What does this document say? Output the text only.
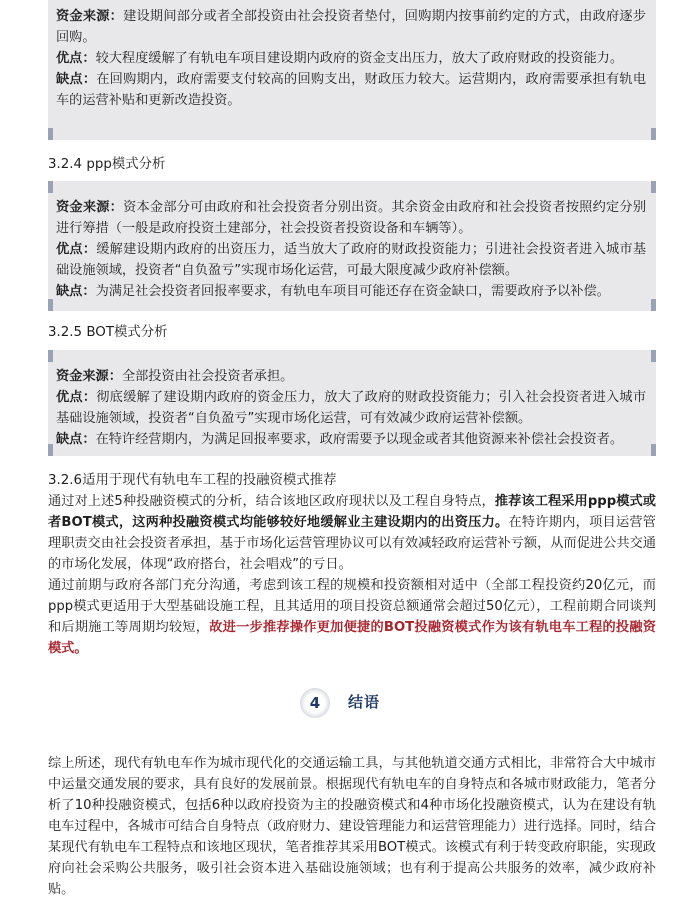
资金来源：建设期间部分或者全部投资由社会投资者垫付，回购期内按事前约定的方式，由政府逐步回购。

优点：较大程度缓解了有轨电车项目建设期内政府的资金支出压力，放大了政府财政的投资能力。

缺点：在回购期内，政府需要支付较高的回购支出，财政压力较大。运营期内，政府需要承担有轨电车的运营补贴和更新改造投资。

3.2.4 ppp模式分析

资金来源：资本金部分可由政府和社会投资者分别出资。其余资金由政府和社会投资者按照约定分别进行筹措（一般是政府投资土建部分，社会投资者投资设备和车辆等）。

优点：缓解建设期内政府的出资压力，适当放大了政府的财政投资能力；引进社会投资者进入城市基础设施领域，投资者“自负盈亏”实现市场化运营，可最大限度减少政府补偿额。

缺点：为满足社会投资者回报率要求，有轨电车项目可能还存在资金缺口，需要政府予以补偿。

3.2.5 BOT模式分析

资金来源：全部投资由社会投资者承担。

优点：彻底缓解了建设期内政府的资金压力，放大了政府的财政投资能力；引入社会投资者进入城市基础设施领域，投资者“自负盈亏”实现市场化运营，可有效减少政府运营补偿额。

缺点：在特许经营期内，为满足回报率要求，政府需要予以现金或者其他资源来补偿社会投资者。

3.2.6适用于现代有轨电车工程的投融资模式推荐

通过对上述5种投融资模式的分析，结合该地区政府现状以及工程自身特点，推荐该工程采用ppp模式或者BOT模式，这两种投融资模式均能够较好地缓解业主建设期内的出资压力。在特许期内，项目运营管理职责交由社会投资者承担，基于市场化运营管理协议可以有效减轻政府运营补亏额，从而促进公共交通的市场化发展，体现“政府搭台，社会唱戏”的亏日。

通过前期与政府各部门充分沟通，考虑到该工程的规模和投资额相对适中（全部工程投资约20亿元，而ppp模式更适用于大型基础设施工程，且其适用的项目投资总额通常会超过50亿元），工程前期合同谈判和后期施工等周期均较短，故进一步推荐操作更加便捷的BOT投融资模式作为该有轨电车工程的投融资模式。

4	结语

综上所述，现代有轨电车作为城市现代化的交通运输工具，与其他轨道交通方式相比，非常符合大中城市中运量交通发展的要求，具有良好的发展前景。根据现代有轨电车的自身特点和各城市财政能力，笔者分析了10种投融资模式，包括6种以政府投资为主的投融资模式和4种市场化投融资模式，认为在建设有轨电车过程中，各城市可结合自身特点（政府财力、建设管理能力和运营管理能力）进行选择。同时，结合某现代有轨电车工程特点和该地区现状，笔者推荐其采用BOT模式。该模式有利于转变政府职能，实现政府向社会采购公共服务，吸引社会资本进入基础设施领域；也有利于提高公共服务的效率，减少政府补贴。
